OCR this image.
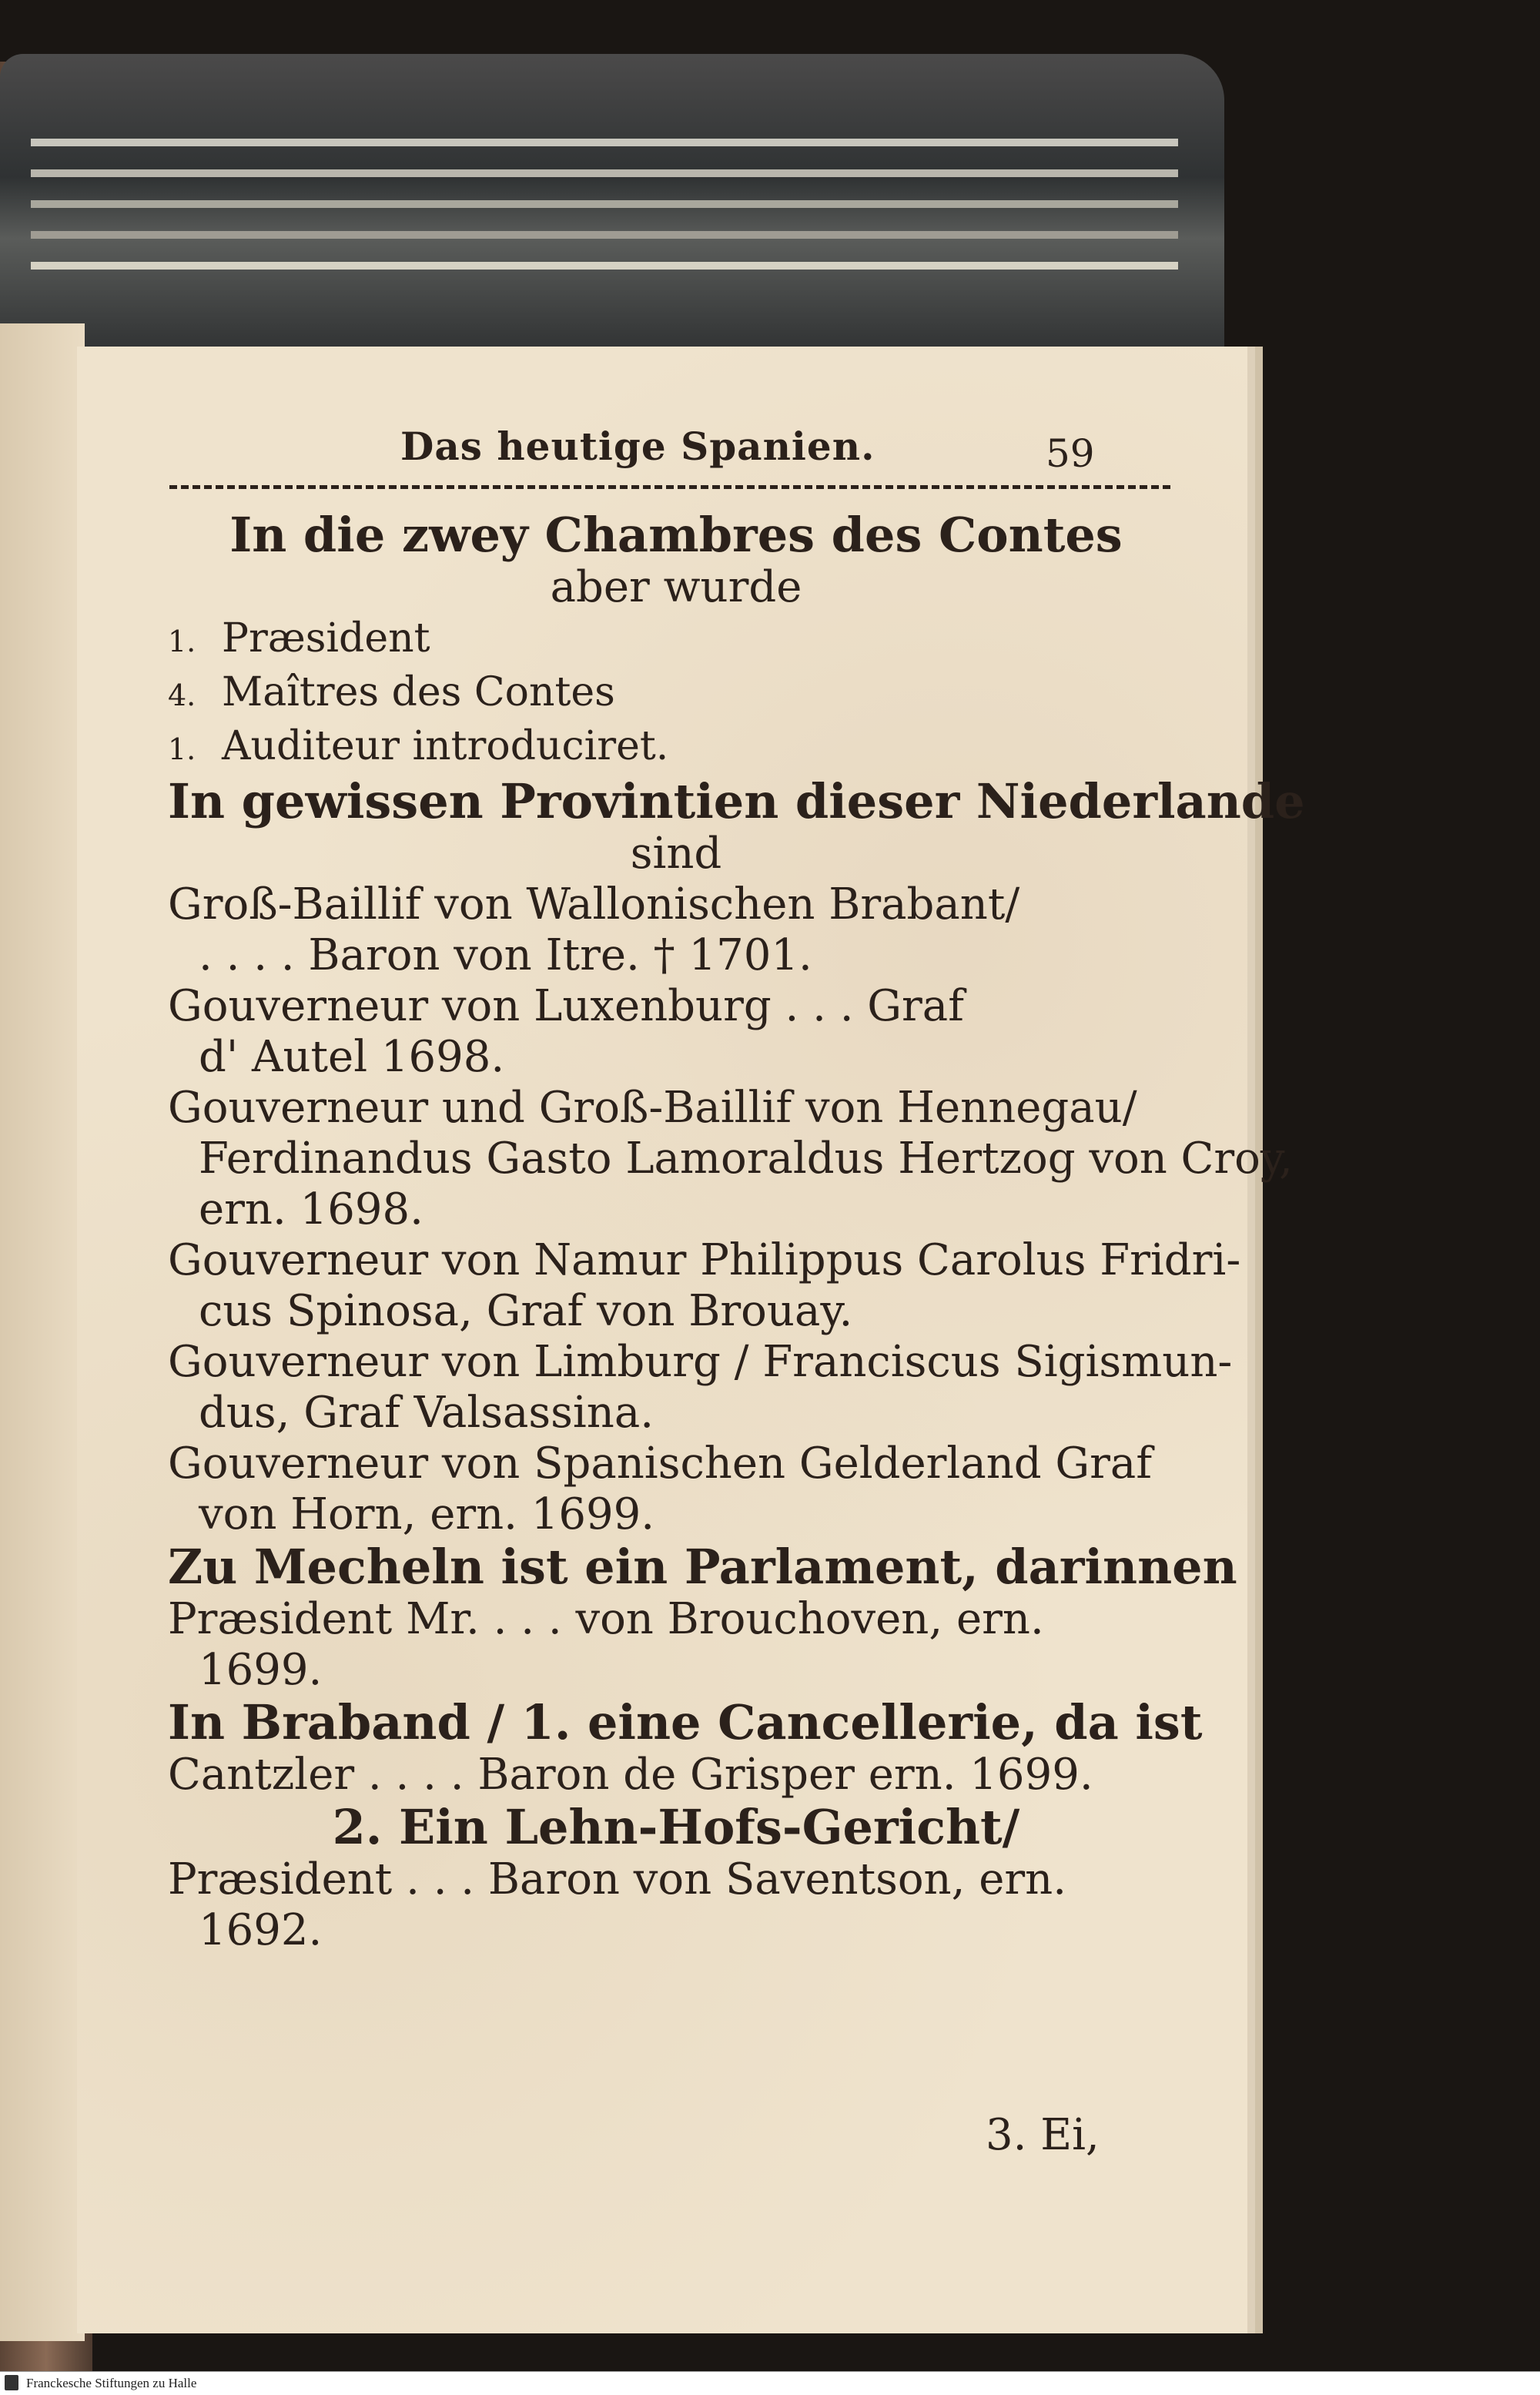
Das heutige Spanien.	59
In die zwey Chambres des Contes
aber wurde
1. Præsident
4. Maîtres des Contes
1. Auditeur introduciret.
In gewissen Provintien dieser Niederlande
sind
Groß-Baillif von Wallonischen Brabant/
. . . . Baron von Itre. † 1701.
Gouverneur von Luxenburg . . . Graf
d' Autel 1698.
Gouverneur und Groß-Baillif von Hennegau/
Ferdinandus Gasto Lamoraldus Hertzog von Croy,
ern. 1698.
Gouverneur von Namur Philippus Carolus Fridri-
cus Spinosa, Graf von Brouay.
Gouverneur von Limburg / Franciscus Sigismun-
dus, Graf Valsassina.
Gouverneur von Spanischen Gelderland Graf
von Horn, ern. 1699.
Zu Mecheln ist ein Parlament, darinnen
Præsident Mr. . . . von Brouchoven, ern.
1699.
In Braband / 1. eine Cancellerie, da ist
Cantzler . . . . Baron de Grisper ern. 1699.
2. Ein Lehn-Hofs-Gericht/
Præsident . . . Baron von Saventson, ern.
1692.
3. Ei,
Franckesche Stiftungen zu Halle
